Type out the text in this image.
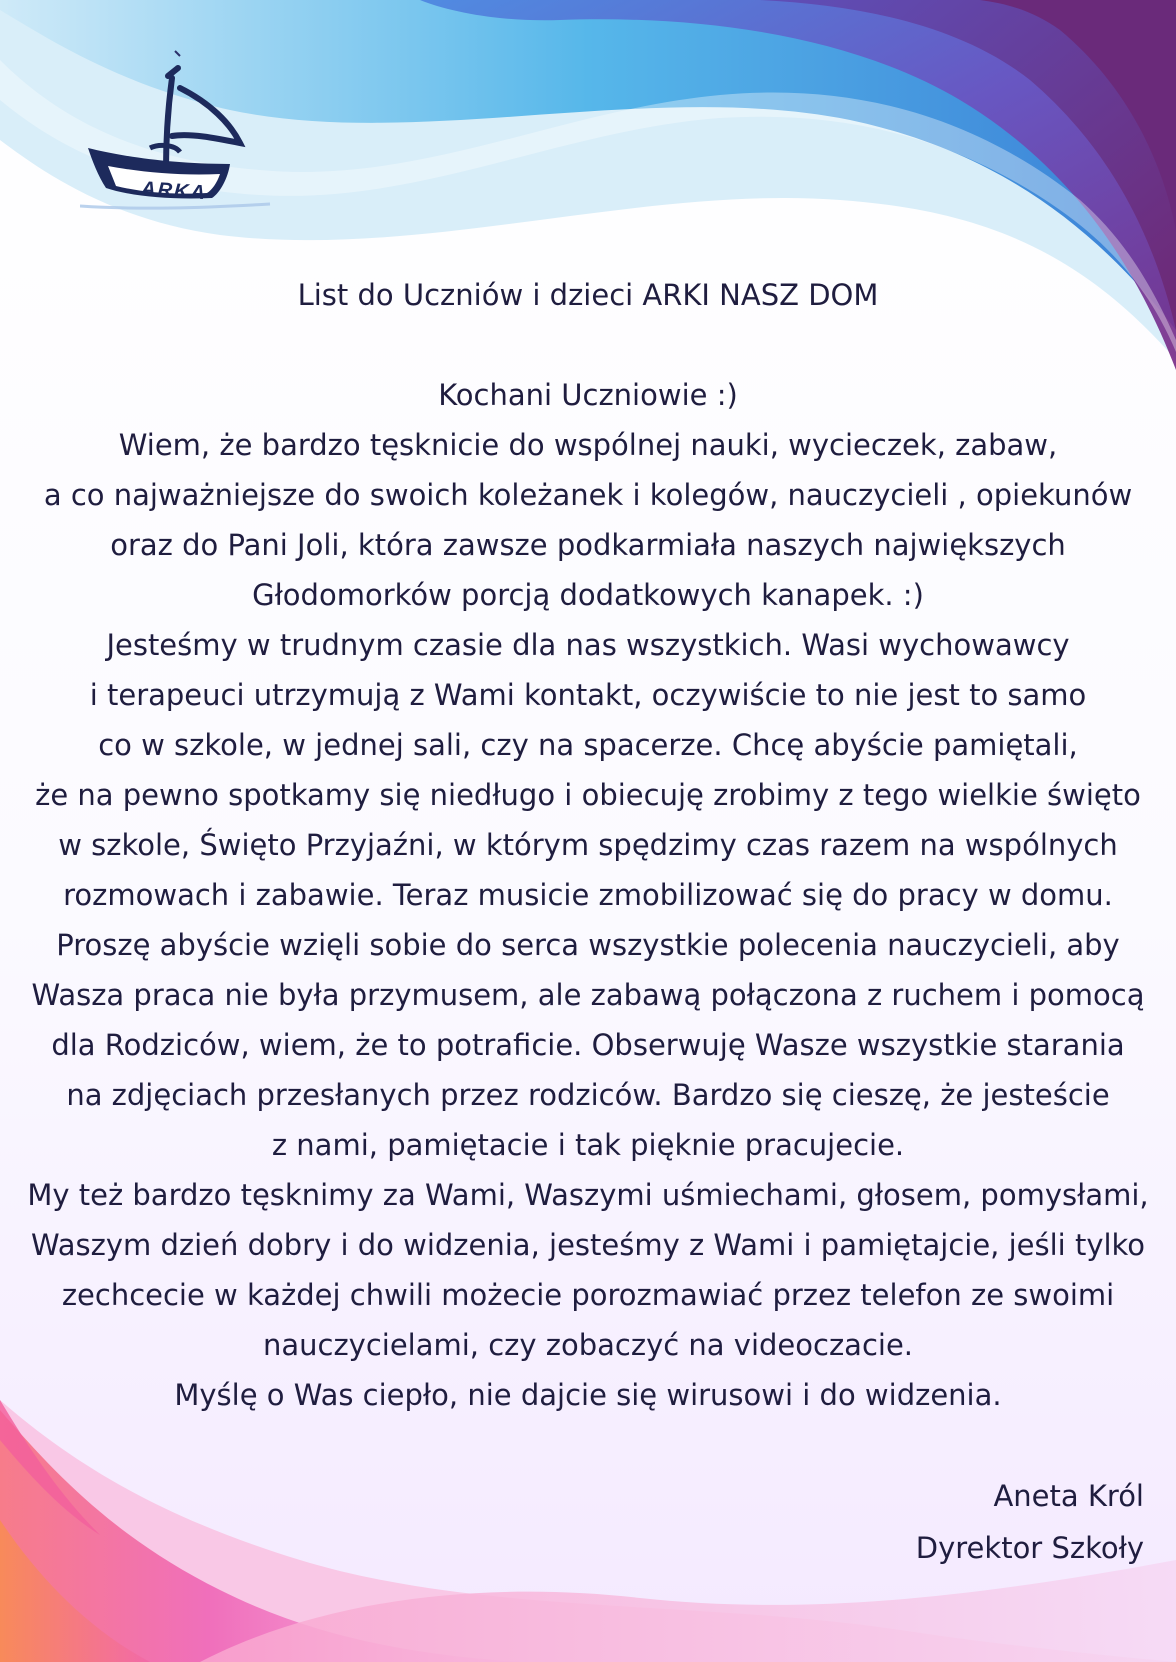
ARKA
List do Uczniów i dzieci ARKI NASZ DOM
Kochani Uczniowie :)
Wiem, że bardzo tęsknicie do wspólnej nauki, wycieczek, zabaw,
a co najważniejsze do swoich koleżanek i kolegów, nauczycieli , opiekunów
oraz do Pani Joli, która zawsze podkarmiała naszych największych
Głodomorków porcją dodatkowych kanapek. :)
Jesteśmy w trudnym czasie dla nas wszystkich. Wasi wychowawcy
i terapeuci utrzymują z Wami kontakt, oczywiście to nie jest to samo
co w szkole, w jednej sali, czy na spacerze. Chcę abyście pamiętali,
że na pewno spotkamy się niedługo i obiecuję zrobimy z tego wielkie święto
w szkole, Święto Przyjaźni, w którym spędzimy czas razem na wspólnych
rozmowach i zabawie. Teraz musicie zmobilizować się do pracy w domu.
Proszę abyście wzięli sobie do serca wszystkie polecenia nauczycieli, aby
Wasza praca nie była przymusem, ale zabawą połączona z ruchem i pomocą
dla Rodziców, wiem, że to potraficie. Obserwuję Wasze wszystkie starania
na zdjęciach przesłanych przez rodziców. Bardzo się cieszę, że jesteście
z nami, pamiętacie i tak pięknie pracujecie.
My też bardzo tęsknimy za Wami, Waszymi uśmiechami, głosem, pomysłami,
Waszym dzień dobry i do widzenia, jesteśmy z Wami i pamiętajcie, jeśli tylko
zechcecie w każdej chwili możecie porozmawiać przez telefon ze swoimi
nauczycielami, czy zobaczyć na videoczacie.
Myślę o Was ciepło, nie dajcie się wirusowi i do widzenia.
Aneta Król
Dyrektor Szkoły
